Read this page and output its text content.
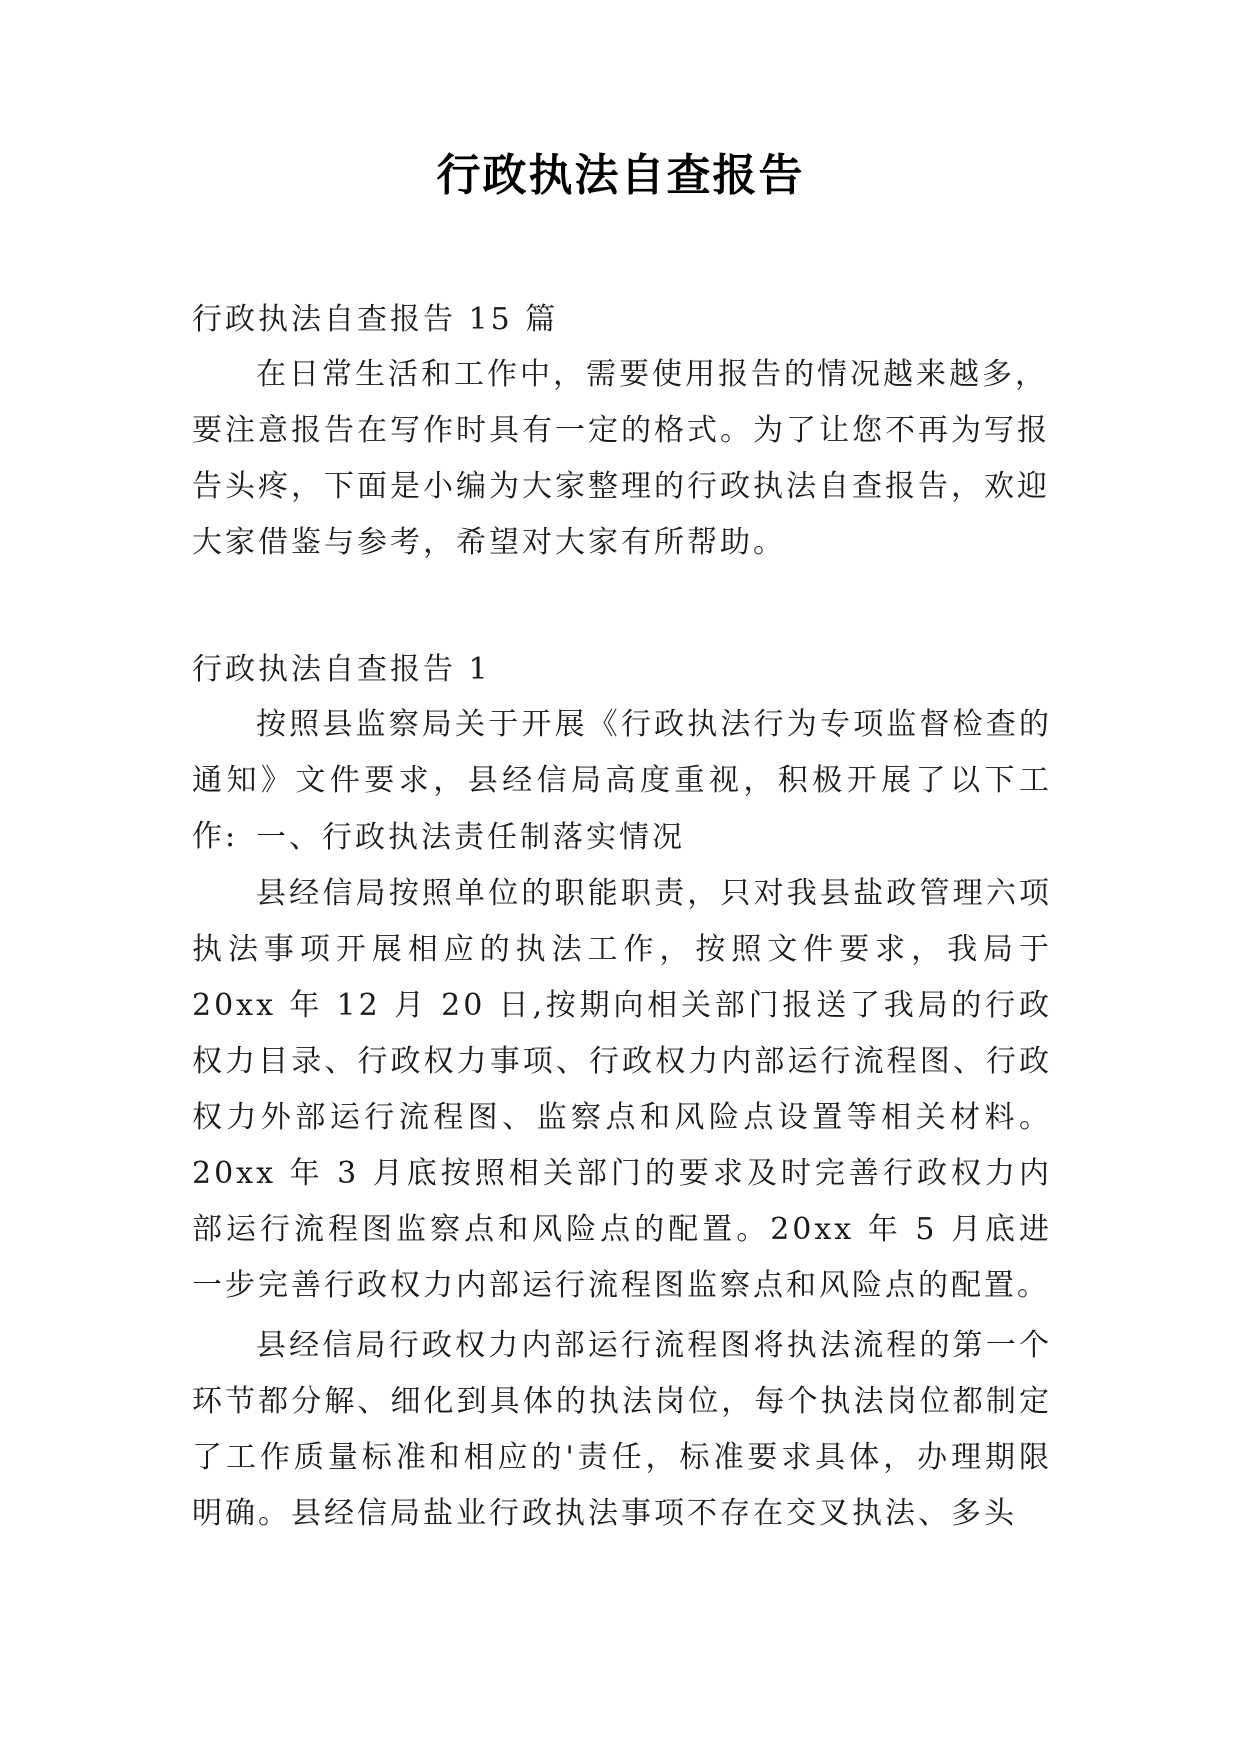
行政执法自查报告
行政执法自查报告 15 篇
在日常生活和工作中，需要使用报告的情况越来越多，要注意报告在写作时具有一定的格式。为了让您不再为写报告头疼，下面是小编为大家整理的行政执法自查报告，欢迎大家借鉴与参考，希望对大家有所帮助。
行政执法自查报告 1
按照县监察局关于开展《行政执法行为专项监督检查的通知》文件要求，县经信局高度重视，积极开展了以下工作: 一、行政执法责任制落实情况
县经信局按照单位的职能职责，只对我县盐政管理六项执法事项开展相应的执法工作，按照文件要求，我局于 20xx 年 12 月 20 日,按期向相关部门报送了我局的行政权力目录、行政权力事项、行政权力内部运行流程图、行政权力外部运行流程图、监察点和风险点设置等相关材料。20xx 年 3 月底按照相关部门的要求及时完善行政权力内部运行流程图监察点和风险点的配置。20xx 年 5 月底进一步完善行政权力内部运行流程图监察点和风险点的配置。
县经信局行政权力内部运行流程图将执法流程的第一个环节都分解、细化到具体的执法岗位，每个执法岗位都制定了工作质量标准和相应的'责任，标准要求具体，办理期限明确。县经信局盐业行政执法事项不存在交叉执法、多头
